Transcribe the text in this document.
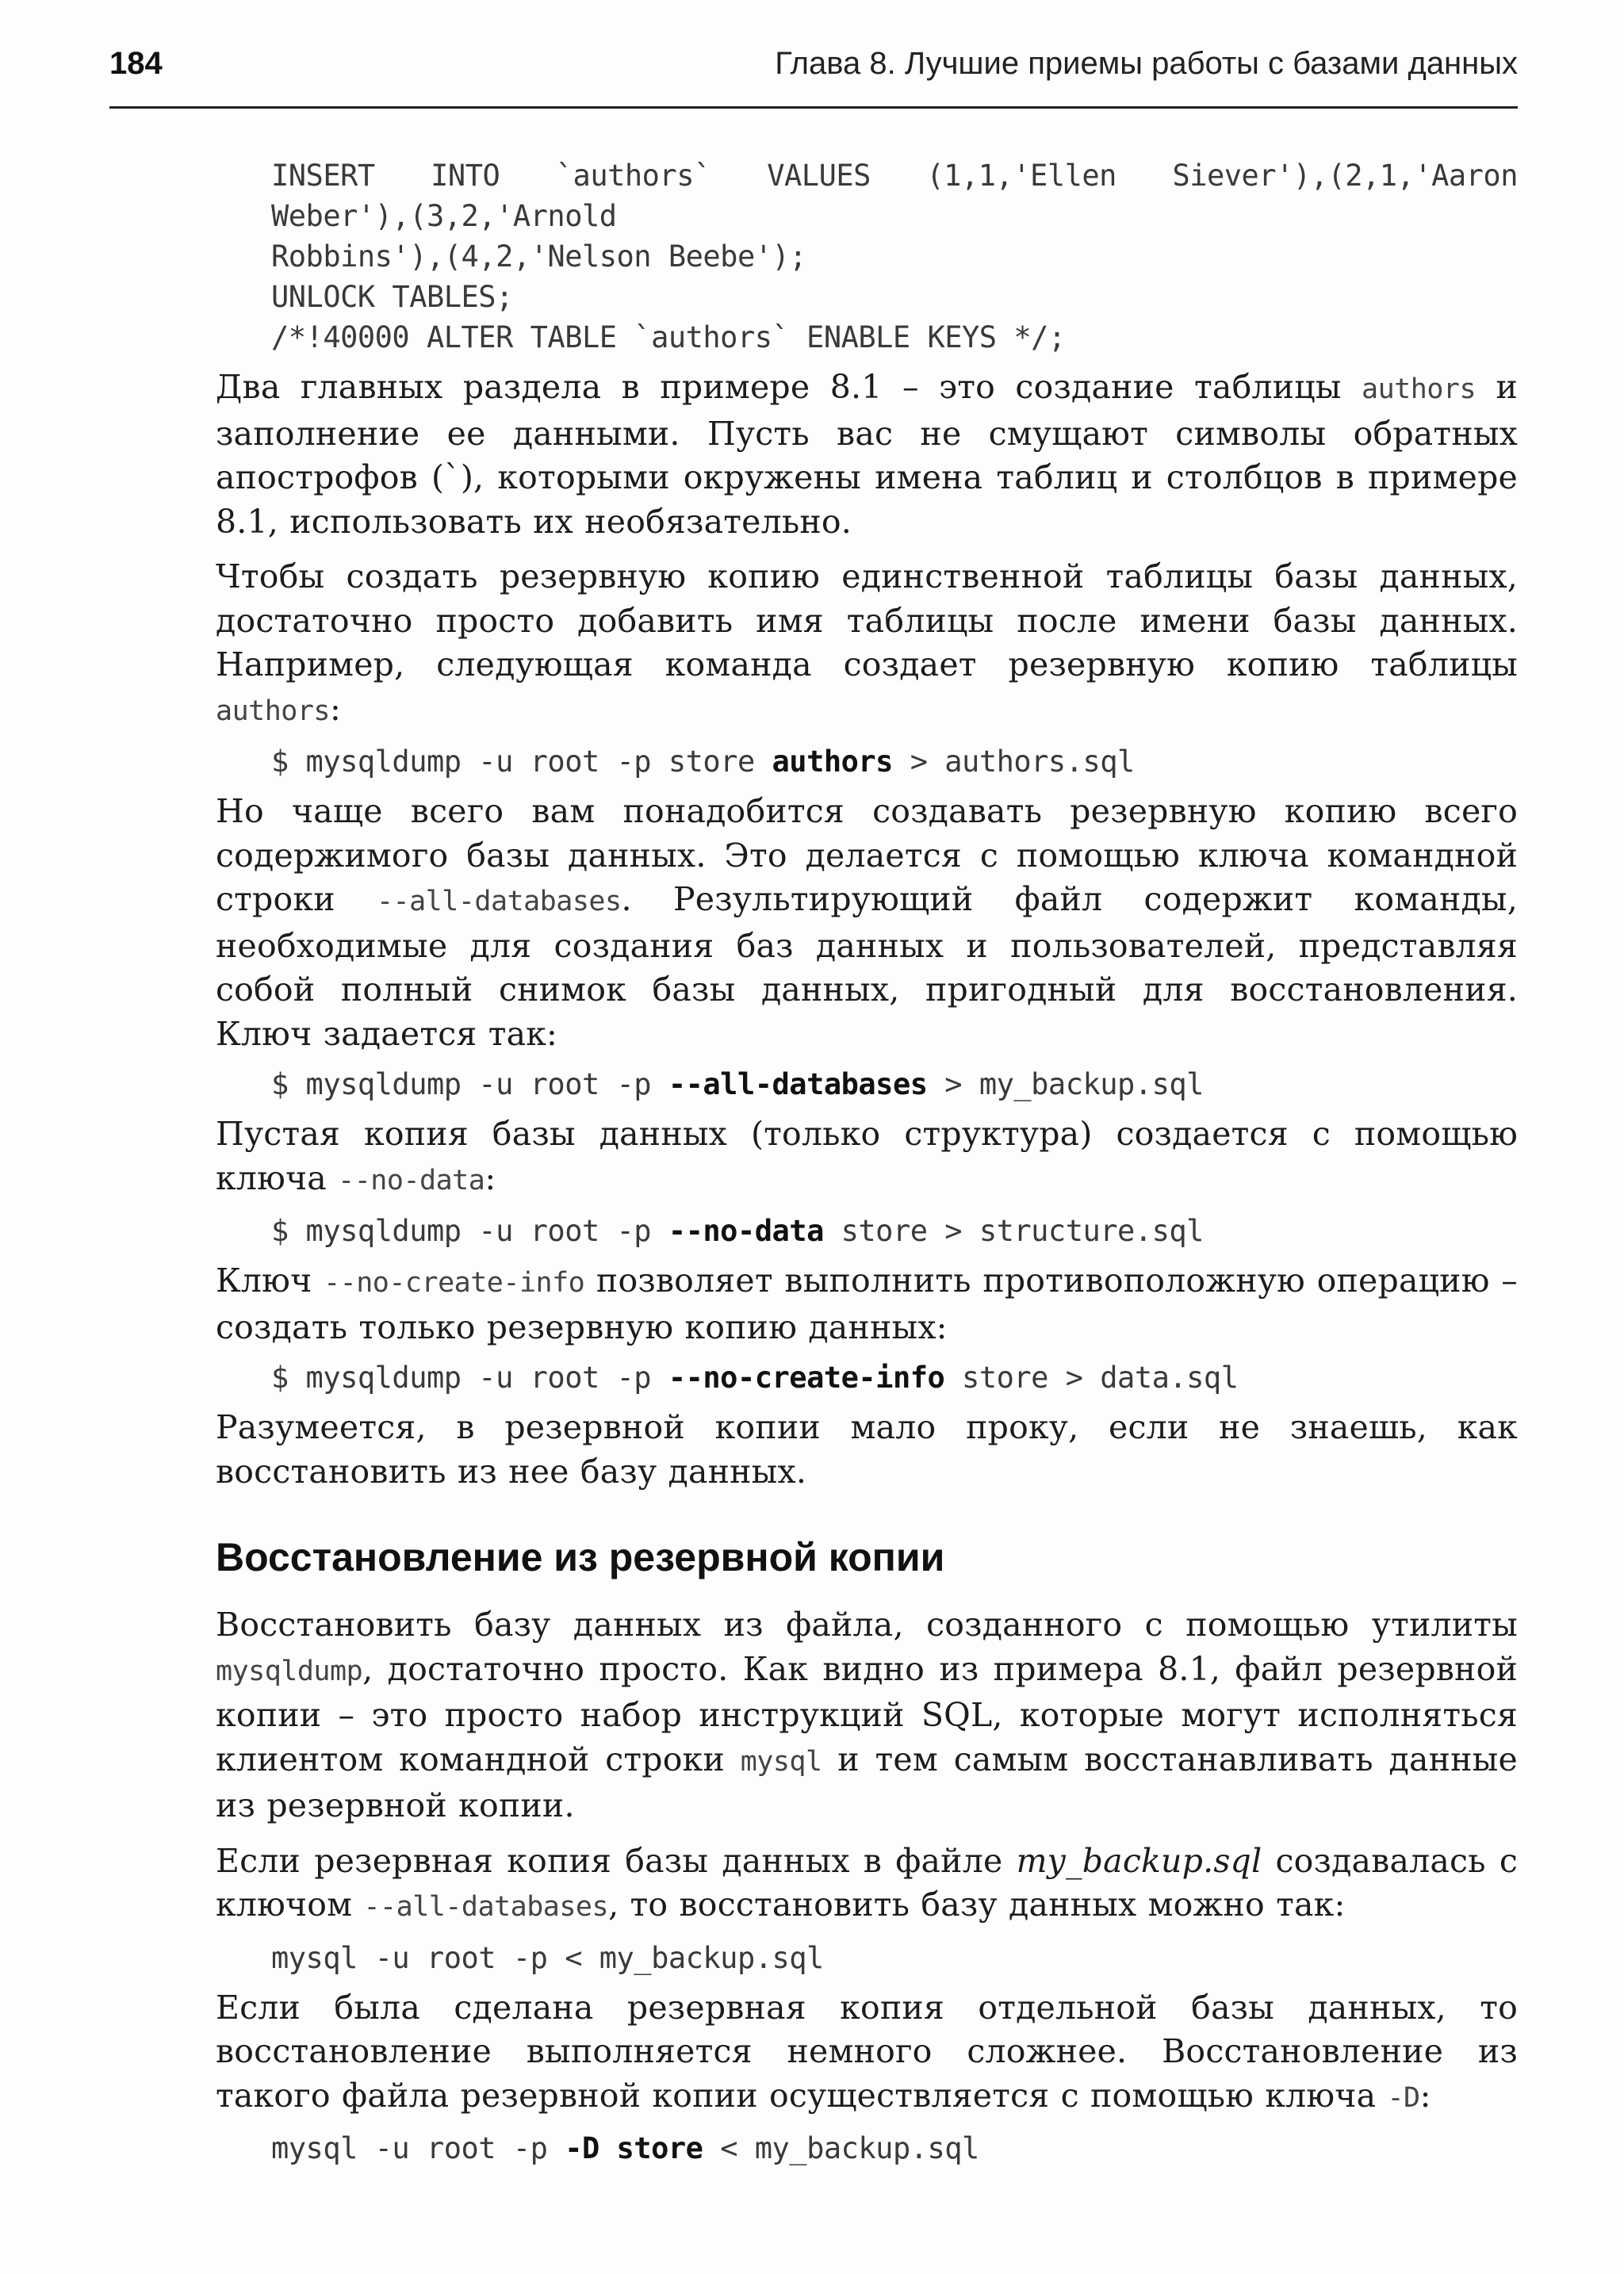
184	Глава 8. Лучшие приемы работы с базами данных
INSERT INTO `authors` VALUES (1,1,'Ellen Siever'),(2,1,'Aaron
Weber'),(3,2,'Arnold
Robbins'),(4,2,'Nelson Beebe');
UNLOCK TABLES;
/*!40000 ALTER TABLE `authors` ENABLE KEYS */;

Два главных раздела в примере 8.1 – это создание таблицы authors и заполнение ее данными. Пусть вас не смущают символы обратных апострофов (`), которыми окружены имена таблиц и столбцов в примере 8.1, использовать их необязательно.

Чтобы создать резервную копию единственной таблицы базы данных, достаточно просто добавить имя таблицы после имени базы данных. Например, следующая команда создает резервную копию таблицы authors:

$ mysqldump -u root -p store authors > authors.sql

Но чаще всего вам понадобится создавать резервную копию всего содержимого базы данных. Это делается с помощью ключа командной строки --all-databases. Результирующий файл содержит команды, необходимые для создания баз данных и пользователей, представляя собой полный снимок базы данных, пригодный для восстановления. Ключ задается так:

$ mysqldump -u root -p --all-databases > my_backup.sql

Пустая копия базы данных (только структура) создается с помощью ключа --no-data:

$ mysqldump -u root -p --no-data store > structure.sql

Ключ --no-create-info позволяет выполнить противоположную операцию – создать только резервную копию данных:

$ mysqldump -u root -p --no-create-info store > data.sql

Разумеется, в резервной копии мало проку, если не знаешь, как восстановить из нее базу данных.

Восстановление из резервной копии

Восстановить базу данных из файла, созданного с помощью утилиты mysqldump, достаточно просто. Как видно из примера 8.1, файл резервной копии – это просто набор инструкций SQL, которые могут исполняться клиентом командной строки mysql и тем самым восстанавливать данные из резервной копии.

Если резервная копия базы данных в файле my_backup.sql создавалась с ключом --all-databases, то восстановить базу данных можно так:

mysql -u root -p < my_backup.sql

Если была сделана резервная копия отдельной базы данных, то восстановление выполняется немного сложнее. Восстановление из такого файла резервной копии осуществляется с помощью ключа -D:

mysql -u root -p -D store < my_backup.sql
